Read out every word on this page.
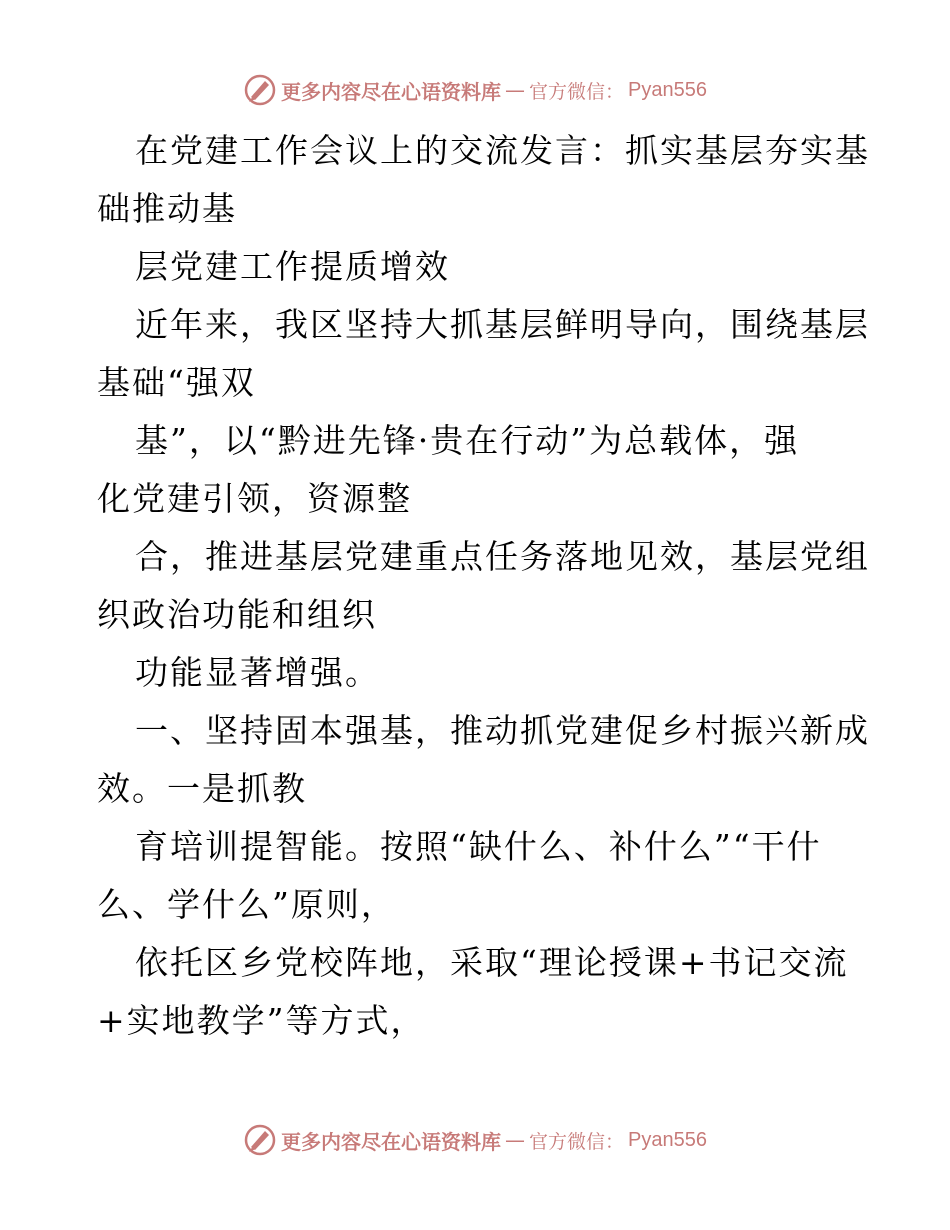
更多内容尽在心语资料库 — 官方微信： Pyan556
在党建工作会议上的交流发言：抓实基层夯实基
础推动基
层党建工作提质增效
近年来，我区坚持大抓基层鲜明导向，围绕基层
基础“强双
基”，以“黔进先锋·贵在行动”为总载体，强
化党建引领，资源整
合，推进基层党建重点任务落地见效，基层党组
织政治功能和组织
功能显著增强。
一、坚持固本强基，推动抓党建促乡村振兴新成
效。一是抓教
育培训提智能。按照“缺什么、补什么”“干什
么、学什么”原则，
依托区乡党校阵地，采取“理论授课+书记交流
+实地教学”等方式，
更多内容尽在心语资料库 — 官方微信： Pyan556
